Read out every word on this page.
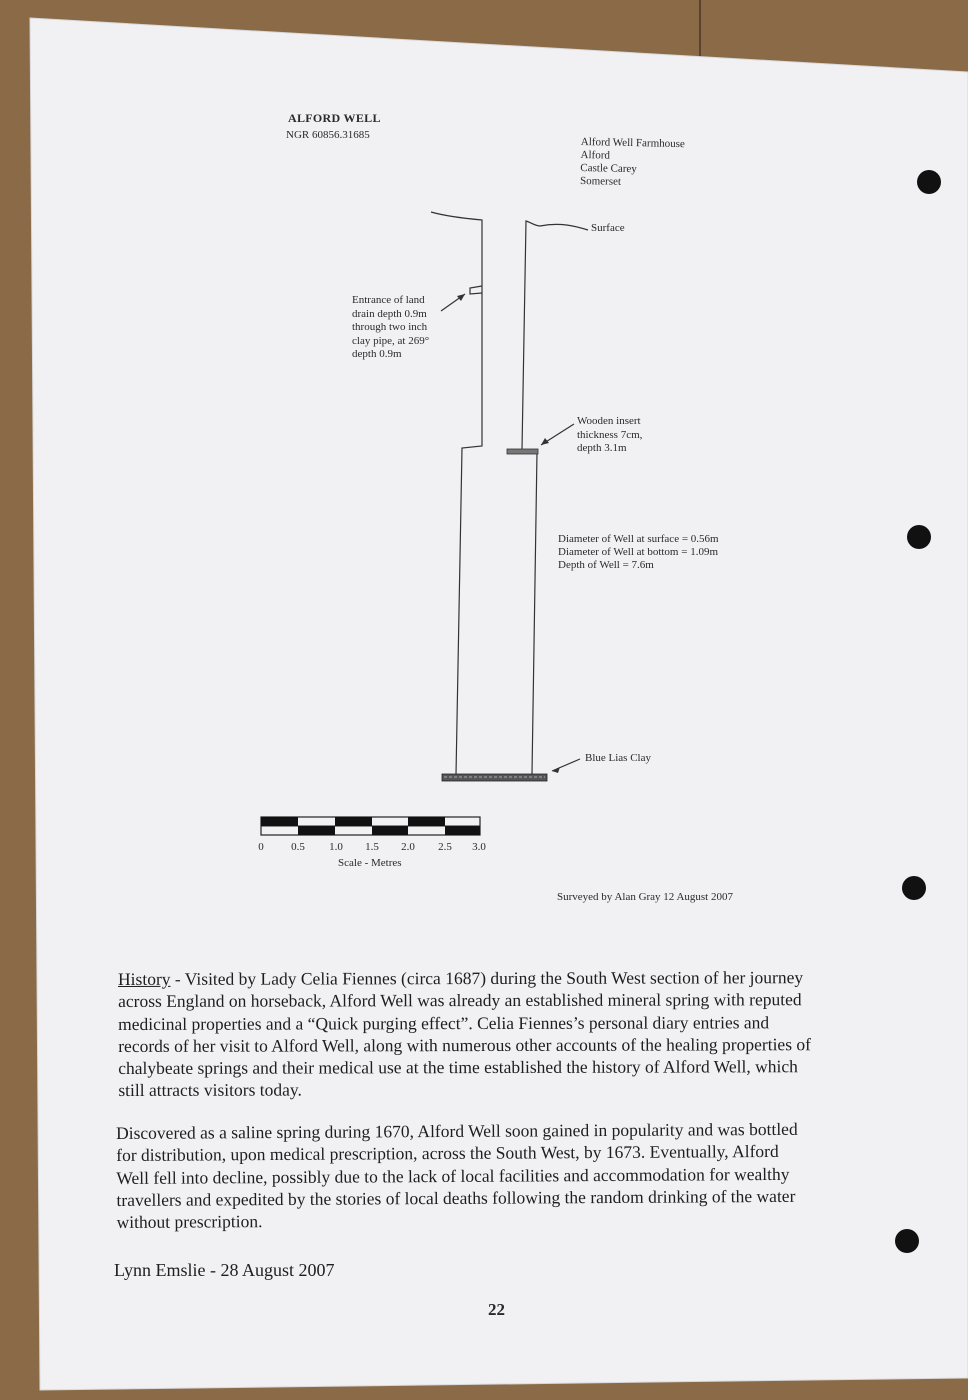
ALFORD WELL
NGR 60856.31685
Alford Well Farmhouse
Alford
Castle Carey
Somerset
Surface
Entrance of land
drain depth 0.9m
through two inch
clay pipe, at 269°
depth 0.9m
Wooden insert
thickness 7cm,
depth 3.1m
Diameter of Well at surface = 0.56m
Diameter of Well at bottom = 1.09m
Depth of Well = 7.6m
Blue Lias Clay
0 0.5 1.0 1.5 2.0 2.5 3.0
Scale - Metres
Surveyed by Alan Gray 12 August 2007
History - Visited by Lady Celia Fiennes (circa 1687) during the South West section of her journey
across England on horseback, Alford Well was already an established mineral spring with reputed
medicinal properties and a “Quick purging effect”. Celia Fiennes’s personal diary entries and
records of her visit to Alford Well, along with numerous other accounts of the healing properties of
chalybeate springs and their medical use at the time established the history of Alford Well, which
still attracts visitors today.
Discovered as a saline spring during 1670, Alford Well soon gained in popularity and was bottled
for distribution, upon medical prescription, across the South West, by 1673. Eventually, Alford
Well fell into decline, possibly due to the lack of local facilities and accommodation for wealthy
travellers and expedited by the stories of local deaths following the random drinking of the water
without prescription.
Lynn Emslie - 28 August 2007
22
